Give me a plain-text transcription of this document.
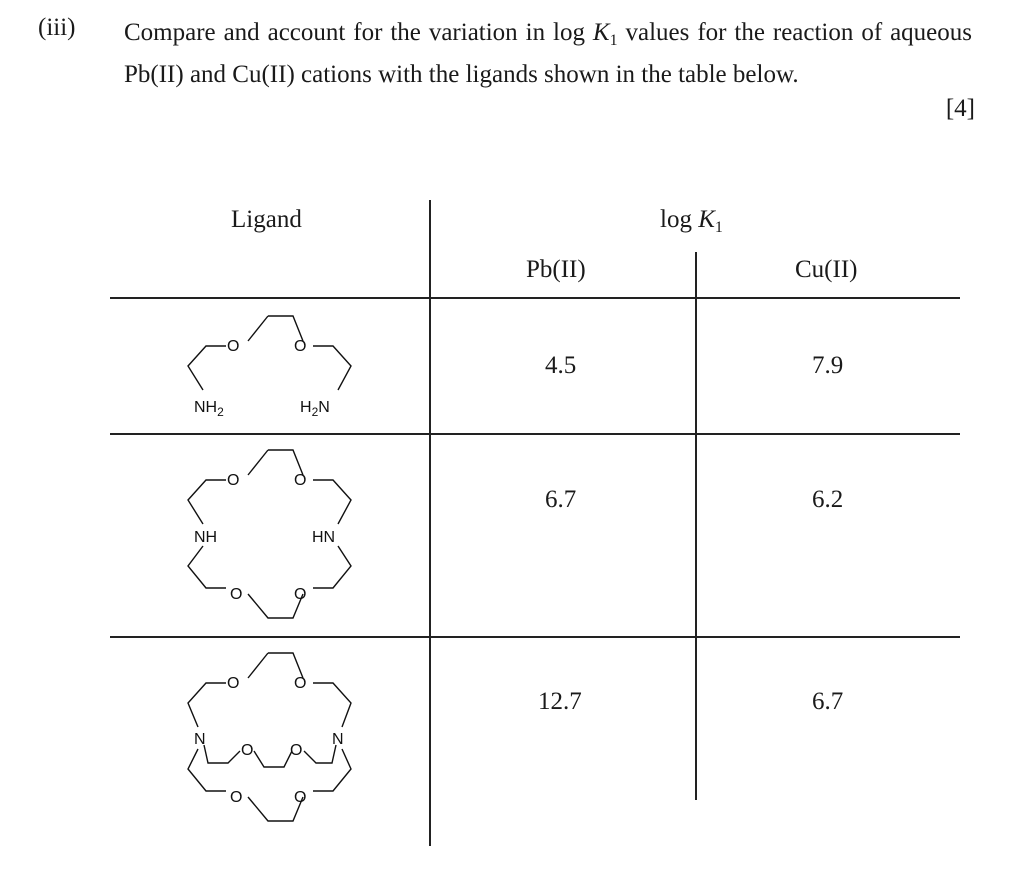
(iii) Compare and account for the variation in $\log K_1$ values for the reaction of aqueous Pb(II) and Cu(II) cations with the ligands shown in the table below.
[4]
Ligand	$\log K_1$
Pb(II)	Cu(II)
4.5	7.9
6.7	6.2
12.7	6.7
O	O
$NH_2$	$H_2N$
O	O
NH	HN
O	O
N	N
O	O
O O
O	O
